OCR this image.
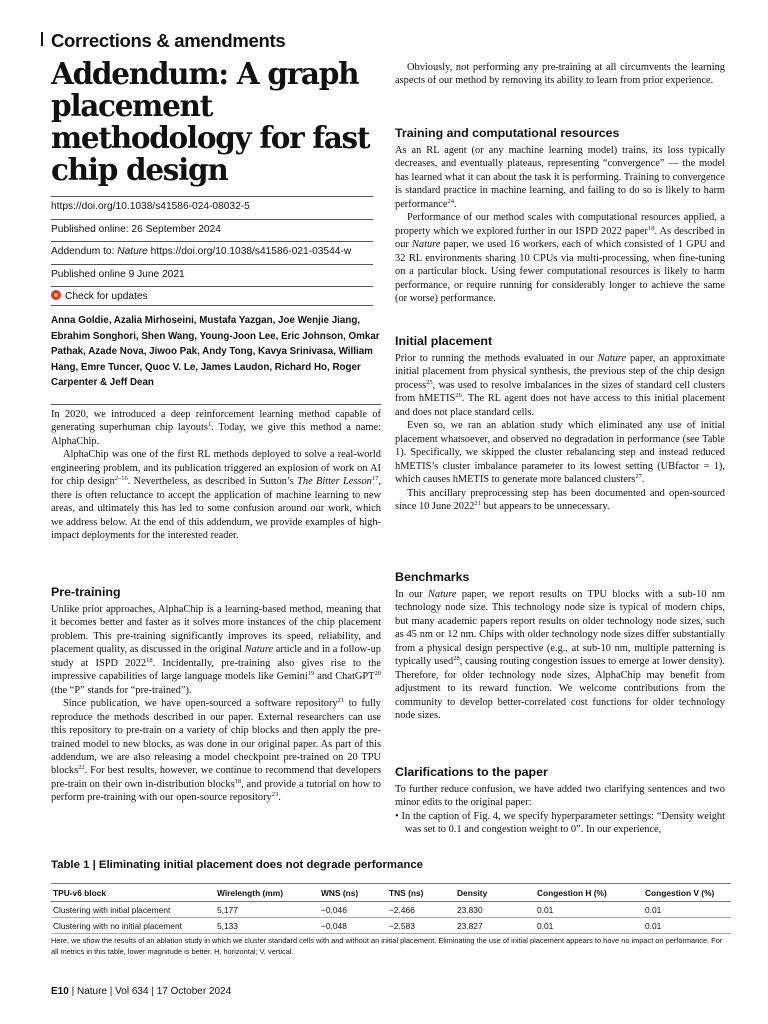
Corrections & amendments
Addendum: A graph placement methodology for fast chip design
https://doi.org/10.1038/s41586-024-08032-5
Published online: 26 September 2024
Addendum to: Nature https://doi.org/10.1038/s41586-021-03544-w
Published online 9 June 2021
Check for updates
Anna Goldie, Azalia Mirhoseini, Mustafa Yazgan, Joe Wenjie Jiang, Ebrahim Songhori, Shen Wang, Young-Joon Lee, Eric Johnson, Omkar Pathak, Azade Nova, Jiwoo Pak, Andy Tong, Kavya Srinivasa, William Hang, Emre Tuncer, Quoc V. Le, James Laudon, Richard Ho, Roger Carpenter & Jeff Dean

In 2020, we introduced a deep reinforcement learning method capable of generating superhuman chip layouts$^1$. Today, we give this method a name: AlphaChip.

AlphaChip was one of the first RL methods deployed to solve a real-world engineering problem, and its publication triggered an explosion of work on AI for chip design$^{2-16}$. Nevertheless, as described in Sutton’s The Bitter Lesson$^{17}$, there is often reluctance to accept the application of machine learning to new areas, and ultimately this has led to some confusion around our work, which we address below. At the end of this addendum, we provide examples of high-impact deployments for the interested reader.

Pre-training

Unlike prior approaches, AlphaChip is a learning-based method, meaning that it becomes better and faster as it solves more instances of the chip placement problem. This pre-training significantly improves its speed, reliability, and placement quality, as discussed in the original Nature article and in a follow-up study at ISPD 2022$^{18}$. Incidentally, pre-training also gives rise to the impressive capabilities of large language models like Gemini$^{19}$ and ChatGPT$^{20}$ (the “P” stands for “pre-trained”).

Since publication, we have open-sourced a software repository$^{21}$ to fully reproduce the methods described in our paper. External researchers can use this repository to pre-train on a variety of chip blocks and then apply the pre-trained model to new blocks, as was done in our original paper. As part of this addendum, we are also releasing a model checkpoint pre-trained on 20 TPU blocks$^{22}$. For best results, however, we continue to recommend that developers pre-train on their own in-distribution blocks$^{18}$, and provide a tutorial on how to perform pre-training with our open-source repository$^{23}$.

Obviously, not performing any pre-training at all circumvents the learning aspects of our method by removing its ability to learn from prior experience.

Training and computational resources

As an RL agent (or any machine learning model) trains, its loss typically decreases, and eventually plateaus, representing “convergence” — the model has learned what it can about the task it is performing. Training to convergence is standard practice in machine learning, and failing to do so is likely to harm performance$^{24}$.

Performance of our method scales with computational resources applied, a property which we explored further in our ISPD 2022 paper$^{18}$. As described in our Nature paper, we used 16 workers, each of which consisted of 1 GPU and 32 RL environments sharing 10 CPUs via multi-processing, when fine-tuning on a particular block. Using fewer computational resources is likely to harm performance, or require running for considerably longer to achieve the same (or worse) performance.

Initial placement

Prior to running the methods evaluated in our Nature paper, an approximate initial placement from physical synthesis, the previous step of the chip design process$^{25}$, was used to resolve imbalances in the sizes of standard cell clusters from hMETIS$^{26}$. The RL agent does not have access to this initial placement and does not place standard cells.

Even so, we ran an ablation study which eliminated any use of initial placement whatsoever, and observed no degradation in performance (see Table 1). Specifically, we skipped the cluster rebalancing step and instead reduced hMETIS’s cluster imbalance parameter to its lowest setting (UBfactor = 1), which causes hMETIS to generate more balanced clusters$^{27}$.

This ancillary preprocessing step has been documented and open-sourced since 10 June 2022$^{21}$ but appears to be unnecessary.

Benchmarks

In our Nature paper, we report results on TPU blocks with a sub-10 nm technology node size. This technology node size is typical of modern chips, but many academic papers report results on older technology node sizes, such as 45 nm or 12 nm. Chips with older technology node sizes differ substantially from a physical design perspective (e.g., at sub-10 nm, multiple patterning is typically used$^{28}$, causing routing congestion issues to emerge at lower density). Therefore, for older technology node sizes, AlphaChip may benefit from adjustment to its reward function. We welcome contributions from the community to develop better-correlated cost functions for older technology node sizes.

Clarifications to the paper

To further reduce confusion, we have added two clarifying sentences and two minor edits to the original paper:

• In the caption of Fig. 4, we specify hyperparameter settings: “Density weight was set to 0.1 and congestion weight to 0”. In our experience,

Table 1 | Eliminating initial placement does not degrade performance
TPU-v6 block	Wirelength (mm)	WNS (ns)	TNS (ns)	Density	Congestion H (%)	Congestion V (%)
Clustering with initial placement	5,177	−0.046	−2.466	23.830	0.01	0.01
Clustering with no initial placement	5,133	−0.048	−2.583	23.827	0.01	0.01
Here, we show the results of an ablation study in which we cluster standard cells with and without an initial placement. Eliminating the use of initial placement appears to have no impact on performance. For all metrics in this table, lower magnitude is better. H, horizontal; V, vertical.
E10 | Nature | Vol 634 | 17 October 2024
